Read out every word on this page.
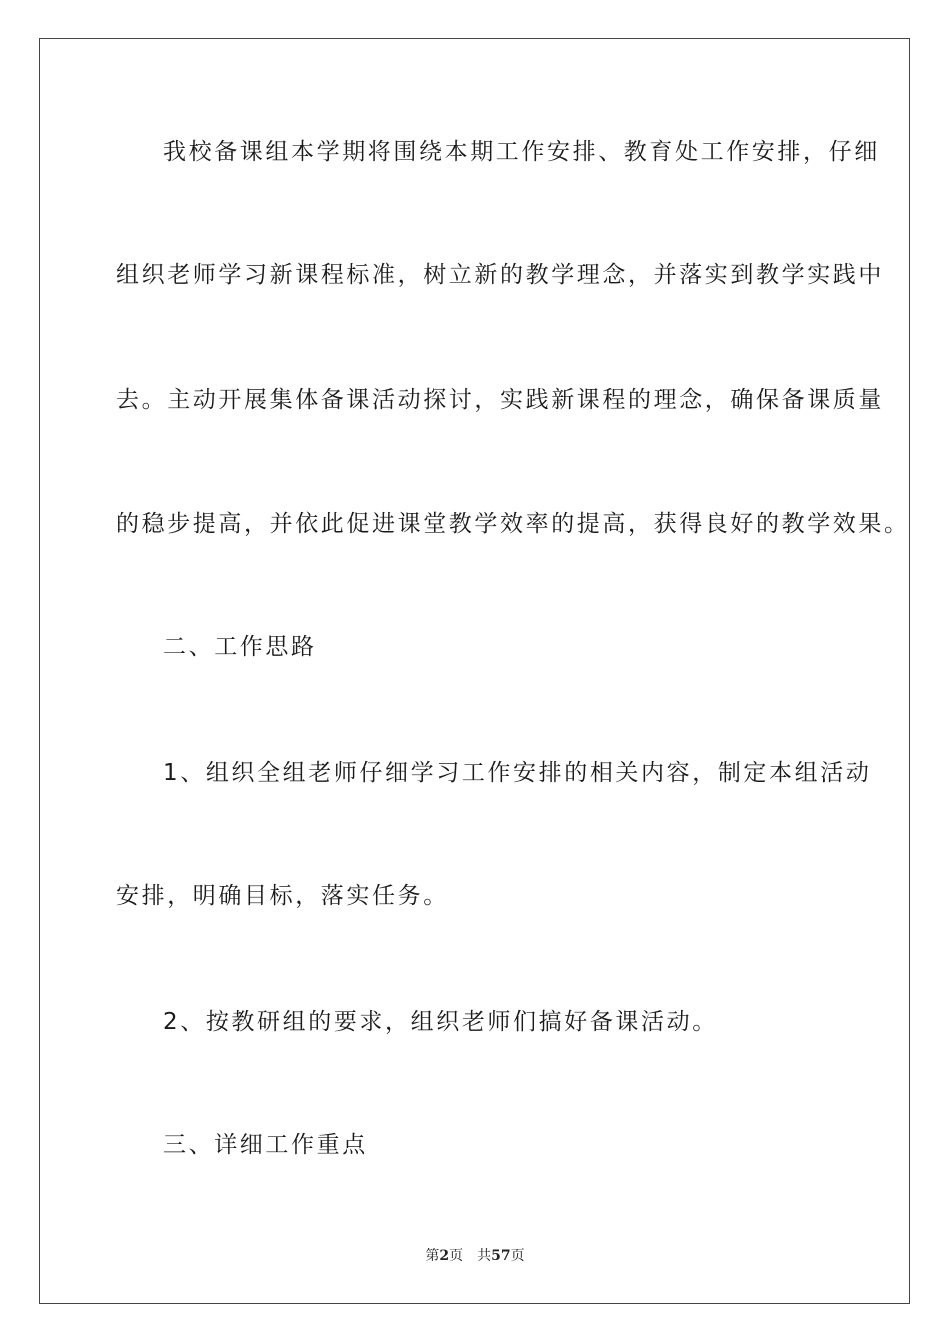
我校备课组本学期将围绕本期工作安排、教育处工作安排，仔细
组织老师学习新课程标准，树立新的教学理念，并落实到教学实践中
去。主动开展集体备课活动探讨，实践新课程的理念，确保备课质量
的稳步提高，并依此促进课堂教学效率的提高，获得良好的教学效果。
二、工作思路
1、组织全组老师仔细学习工作安排的相关内容，制定本组活动
安排，明确目标，落实任务。
2、按教研组的要求，组织老师们搞好备课活动。
三、详细工作重点
第2页 共57页
